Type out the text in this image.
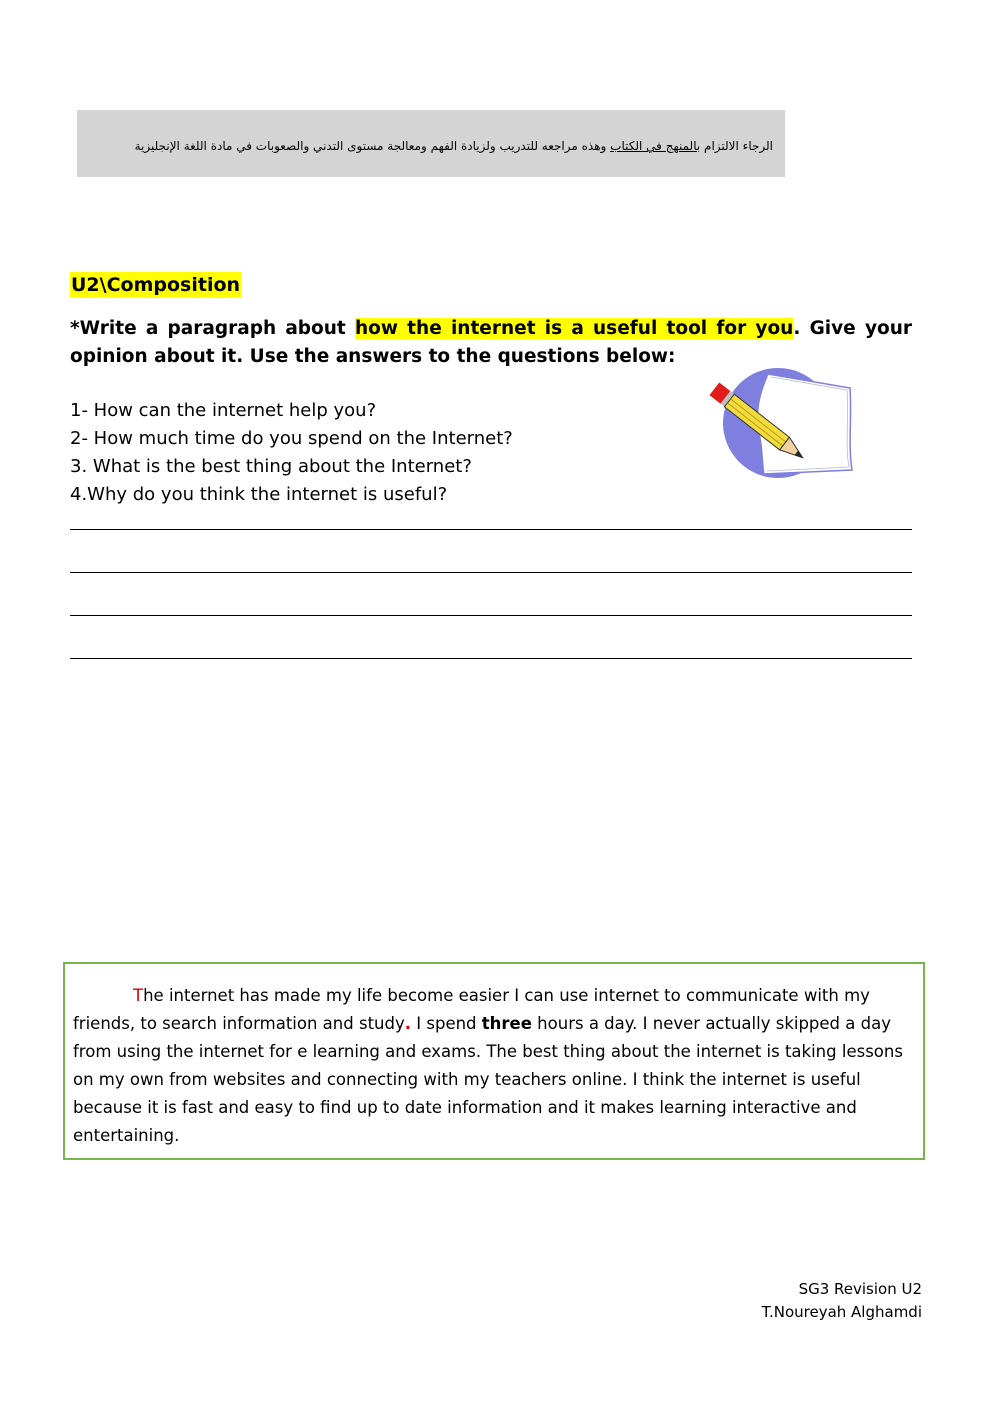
الرجاء الالتزام بالمنهج في الكتاب وهذه مراجعه للتدريب ولزيادة الفهم ومعالجة مستوى التدني والصعوبات في مادة اللغة الإنجليزية
U2\Composition
*Write a paragraph about how the internet is a useful tool for you. Give your opinion about it. Use the answers to the questions below:
1- How can the internet help you?
2- How much time do you spend on the Internet?
3. What is the best thing about the Internet?
4.Why do you think the internet is useful?

The internet has made my life become easier I can use internet to communicate with my friends, to search information and study. I spend three hours a day. I never actually skipped a day from using the internet for e learning and exams. The best thing about the internet is taking lessons on my own from websites and connecting with my teachers online. I think the internet is useful because it is fast and easy to find up to date information and it makes learning interactive and entertaining.

SG3 Revision U2
T.Noureyah Alghamdi
